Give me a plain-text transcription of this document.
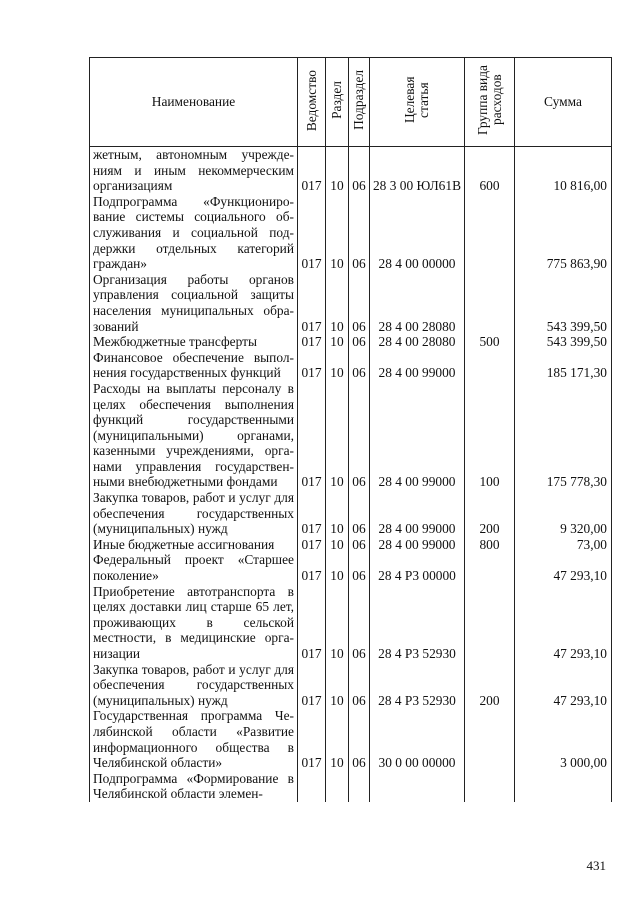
Наименование	Ведомство	Раздел	Подраздел	Целевая статья	Группа вида расходов	Сумма
жетным, автономным учреждениям и иным некоммерческим организациям	017	10	06	28 3 00 ЮЛ61В	600	10 816,00
Подпрограмма «Функционирование системы социального обслуживания и социальной поддержки отдельных категорий граждан»	017	10	06	28 4 00 00000		775 863,90
Организация работы органов управления социальной защиты населения муниципальных образований	017	10	06	28 4 00 28080		543 399,50
Межбюджетные трансферты	017	10	06	28 4 00 28080	500	543 399,50
Финансовое обеспечение выполнения государственных функций	017	10	06	28 4 00 99000		185 171,30
Расходы на выплаты персоналу в целях обеспечения выполнения функций государственными (муниципальными) органами, казенными учреждениями, органами управления государственными внебюджетными фондами	017	10	06	28 4 00 99000	100	175 778,30
Закупка товаров, работ и услуг для обеспечения государственных (муниципальных) нужд	017	10	06	28 4 00 99000	200	9 320,00
Иные бюджетные ассигнования	017	10	06	28 4 00 99000	800	73,00
Федеральный проект «Старшее поколение»	017	10	06	28 4 P3 00000		47 293,10
Приобретение автотранспорта в целях доставки лиц старше 65 лет, проживающих в сельской местности, в медицинские организации	017	10	06	28 4 P3 52930		47 293,10
Закупка товаров, работ и услуг для обеспечения государственных (муниципальных) нужд	017	10	06	28 4 P3 52930	200	47 293,10
Государственная программа Челябинской области «Развитие информационного общества в Челябинской области»	017	10	06	30 0 00 00000		3 000,00
Подпрограмма «Формирование в Челябинской области элемен-						
431
